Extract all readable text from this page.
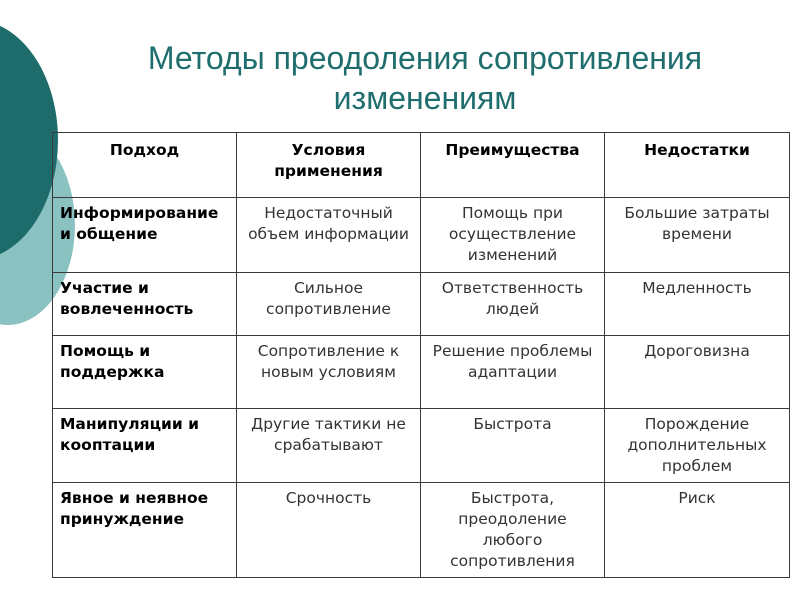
Методы преодоления сопротивления
изменениям
Подход	Условия применения	Преимущества	Недостатки
Информирование и общение	Недостаточный объем информации	Помощь при осуществление изменений	Большие затраты времени
Участие и вовлеченность	Сильное сопротивление	Ответственность людей	Медленность
Помощь и поддержка	Сопротивление к новым условиям	Решение проблемы адаптации	Дороговизна
Манипуляции и кооптации	Другие тактики не срабатывают	Быстрота	Порождение дополнительных проблем
Явное и неявное принуждение	Срочность	Быстрота, преодоление любого сопротивления	Риск
